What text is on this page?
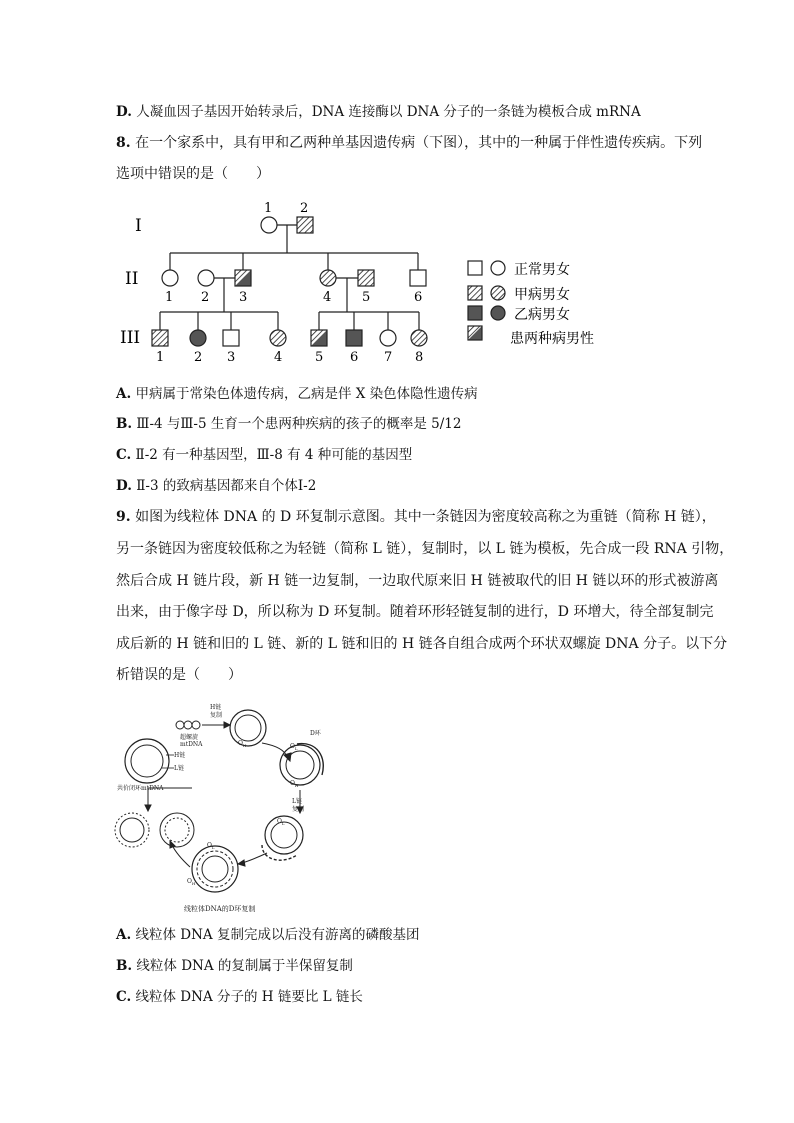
D. 人凝血因子基因开始转录后，DNA 连接酶以 DNA 分子的一条链为模板合成 mRNA
8. 在一个家系中，具有甲和乙两种单基因遗传病（下图），其中的一种属于伴性遗传疾病。下列
选项中错误的是（　　）
I
II
III
1 2
1 2 3	4 5	6
1 2 3	4	5 6 7 8
正常男女
甲病男女
乙病男女
患两种病男性
A. 甲病属于常染色体遗传病，乙病是伴 X 染色体隐性遗传病
B. Ⅲ-4 与Ⅲ-5 生育一个患两种疾病的孩子的概率是 5/12
C. Ⅱ-2 有一种基因型，Ⅲ-8 有 4 种可能的基因型
D. Ⅱ-3 的致病基因都来自个体Ⅰ-2
9. 如图为线粒体 DNA 的 D 环复制示意图。其中一条链因为密度较高称之为重链（简称 H 链），
另一条链因为密度较低称之为轻链（简称 L 链），复制时，以 L 链为模板，先合成一段 RNA 引物，
然后合成 H 链片段，新 H 链一边复制，一边取代原来旧 H 链被取代的旧 H 链以环的形式被游离
出来，由于像字母 D，所以称为 D 环复制。随着环形轻链复制的进行，D 环增大，待全部复制完
成后新的 H 链和旧的 L 链、新的 L 链和旧的 H 链各自组合成两个环状双螺旋 DNA 分子。以下分
析错误的是（　　）
H链
复制
超螺旋
mtDNA
D环
H链
L链
共价闭环mtDNA
L链
复制
$O_H$
$O_H$
$O_L$
$O_L$
$O_H$
$O_L$
线粒体DNA的D环复制
A. 线粒体 DNA 复制完成以后没有游离的磷酸基团
B. 线粒体 DNA 的复制属于半保留复制
C. 线粒体 DNA 分子的 H 链要比 L 链长
